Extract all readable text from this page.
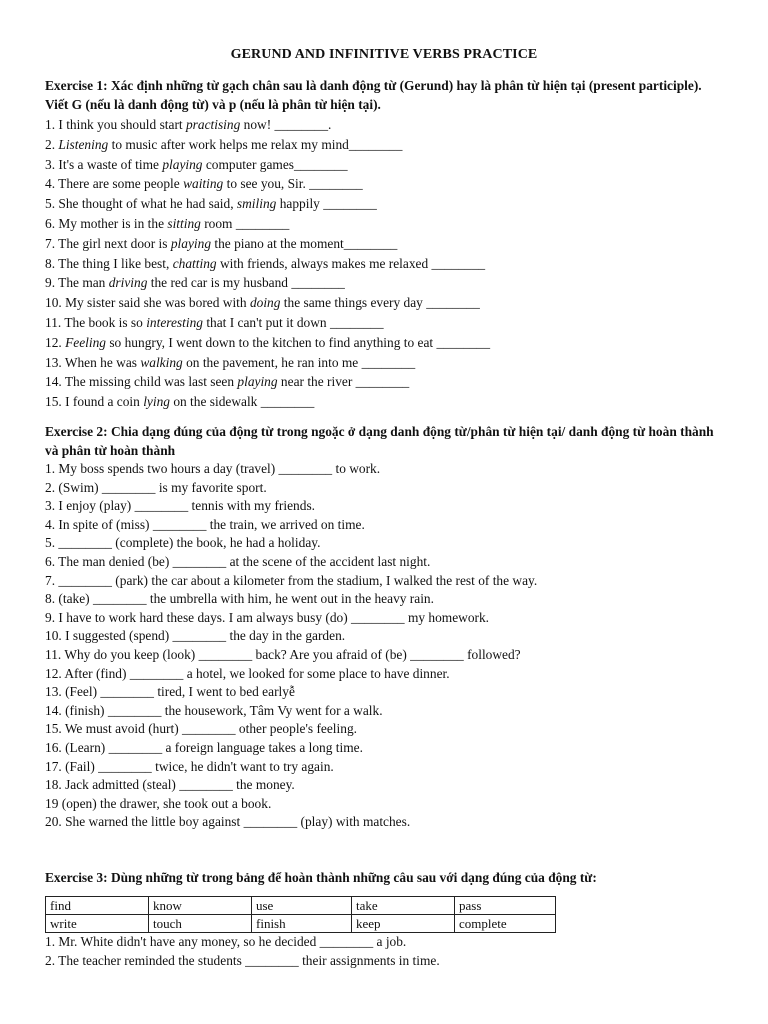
GERUND AND INFINITIVE VERBS PRACTICE
Exercise 1: Xác định những từ gạch chân sau là danh động từ (Gerund) hay là phân từ hiện tại (present participle). Viết G (nếu là danh động từ) và p (nếu là phân từ hiện tại).
1. I think you should start practising now! ________.
2. Listening to music after work helps me relax my mind________
3. It's a waste of time playing computer games________
4. There are some people waiting to see you, Sir. ________
5. She thought of what he had said, smiling happily ________
6. My mother is in the sitting room ________
7. The girl next door is playing the piano at the moment________
8. The thing I like best, chatting with friends, always makes me relaxed ________
9. The man driving the red car is my husband ________
10. My sister said she was bored with doing the same things every day ________
11. The book is so interesting that I can't put it down ________
12. Feeling so hungry, I went down to the kitchen to find anything to eat ________
13. When he was walking on the pavement, he ran into me ________
14. The missing child was last seen playing near the river ________
15. I found a coin lying on the sidewalk ________
Exercise 2: Chia dạng đúng của động từ trong ngoặc ở dạng danh động từ/phân từ hiện tại/ danh động từ hoàn thành và phân từ hoàn thành
1. My boss spends two hours a day (travel) ________ to work.
2. (Swim) ________ is my favorite sport.
3. I enjoy (play) ________ tennis with my friends.
4. In spite of (miss) ________ the train, we arrived on time.
5. ________ (complete) the book, he had a holiday.
6. The man denied (be) ________ at the scene of the accident last night.
7. ________ (park) the car about a kilometer from the stadium, I walked the rest of the way.
8. (take) ________ the umbrella with him, he went out in the heavy rain.
9. I have to work hard these days. I am always busy (do) ________ my homework.
10. I suggested (spend) ________ the day in the garden.
11. Why do you keep (look) ________ back? Are you afraid of (be) ________ followed?
12. After (find) ________ a hotel, we looked for some place to have dinner.
13. (Feel) ________ tired, I went to bed earlyễ
14. (finish) ________ the housework, Tâm Vy went for a walk.
15. We must avoid (hurt) ________ other people's feeling.
16. (Learn) ________ a foreign language takes a long time.
17. (Fail) ________ twice, he didn't want to try again.
18. Jack admitted (steal) ________ the money.
19 (open) the drawer, she took out a book.
20. She warned the little boy against ________ (play) with matches.
Exercise 3: Dùng những từ trong bảng để hoàn thành những câu sau với dạng đúng của động từ:
find	know	use	take	pass
write	touch	finish	keep	complete
1. Mr. White didn't have any money, so he decided ________ a job.
2. The teacher reminded the students ________ their assignments in time.
